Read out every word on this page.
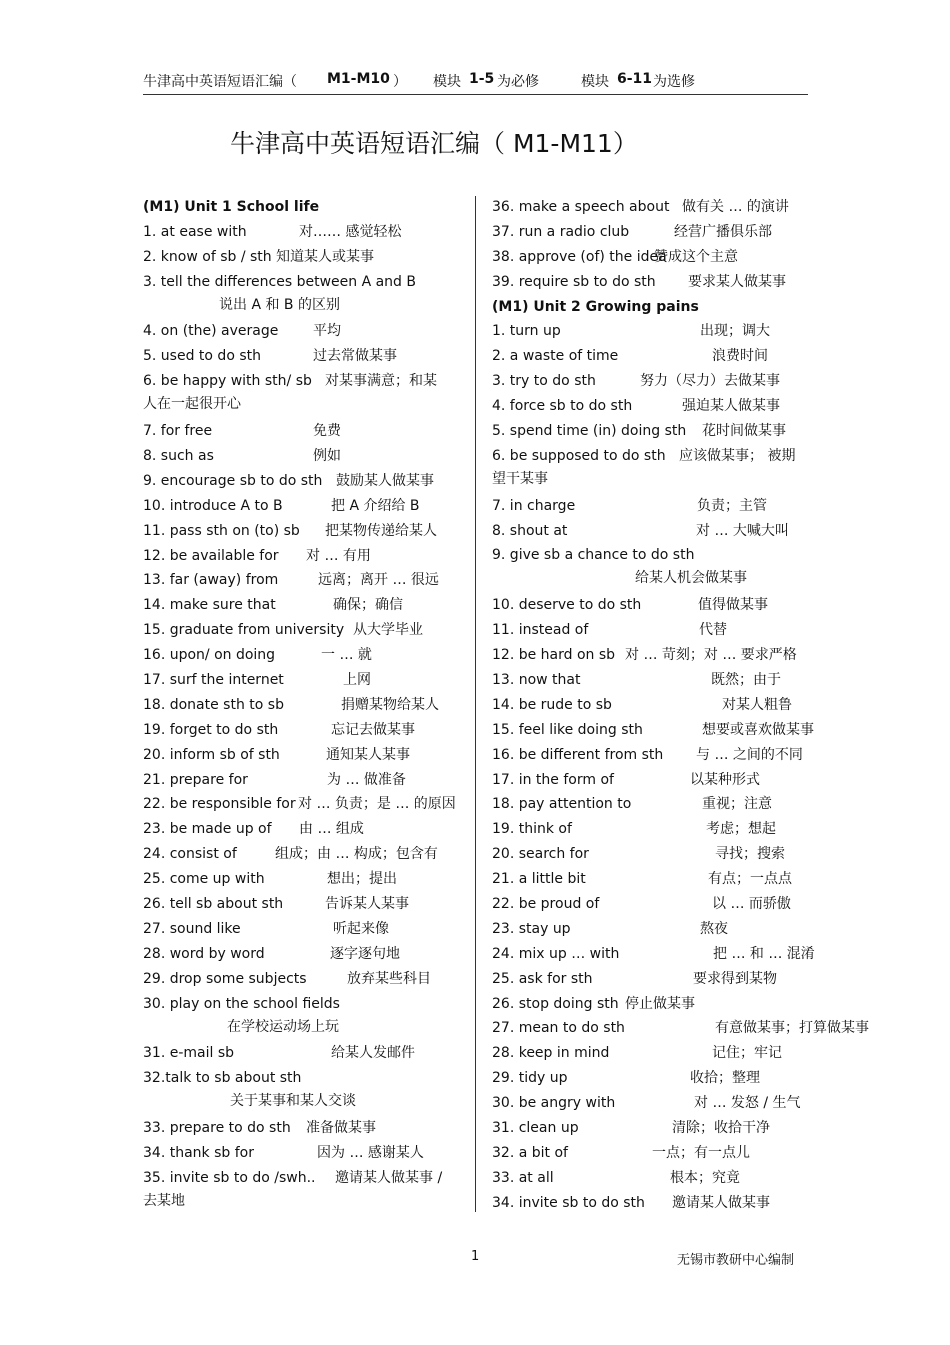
牛津高中英语短语汇编（ M1-M10 ） 模块 1-5 为必修	模块 6-11 为选修
牛津高中英语短语汇编（ M1-M11）
(M1) Unit 1 School life
1. at ease with	对…… 感觉轻松
2. know of sb / sth 知道某人或某事
3. tell the differences between A and B
说出 A 和 B 的区别
4. on (the) average 平均
5. used to do sth	过去常做某事
6. be happy with sth/ sb 对某事满意；和某
人在一起很开心
7. for free	免费
8. such as	例如
9. encourage sb to do sth 鼓励某人做某事
10. introduce A to B	把 A 介绍给 B
11. pass sth on (to) sb 把某物传递给某人
12. be available for 对 … 有用
13. far (away) from	远离；离开 … 很远
14. make sure that	确保；确信
15. graduate from university 从大学毕业
16. upon/ on doing	一 … 就
17. surf the internet	上网
18. donate sth to sb	捐赠某物给某人
19. forget to do sth	忘记去做某事
20. inform sb of sth	通知某人某事
21. prepare for	为 … 做准备
22. be responsible for 对 … 负责；是 … 的原因
23. be made up of 由 … 组成
24. consist of	组成；由 … 构成；包含有
25. come up with	想出；提出
26. tell sb about sth	告诉某人某事
27. sound like	听起来像
28. word by word	逐字逐句地
29. drop some subjects	放弃某些科目
30. play on the school fields
在学校运动场上玩
31. e-mail sb	给某人发邮件
32.talk to sb about sth
关于某事和某人交谈
33. prepare to do sth 准备做某事
34. thank sb for	因为 … 感谢某人
35. invite sb to do /swh.. 邀请某人做某事 /
去某地
36. make a speech about 做有关 … 的演讲
37. run a radio club	经营广播俱乐部
38. approve (of) the idea
赞成这个主意
39. require sb to do sth 要求某人做某事
(M1) Unit 2 Growing pains
1. turn up	出现；调大
2. a waste of time	浪费时间
3. try to do sth	努力（尽力）去做某事
4. force sb to do sth	强迫某人做某事
5. spend time (in) doing sth 花时间做某事
6. be supposed to do sth 应该做某事； 被期
望干某事
7. in charge	负责；主管
8. shout at	对 … 大喊大叫
9. give sb a chance to do sth
给某人机会做某事
10. deserve to do sth	值得做某事
11. instead of	代替
12. be hard on sb 对 … 苛刻；对 … 要求严格
13. now that	既然；由于
14. be rude to sb	对某人粗鲁
15. feel like doing sth	想要或喜欢做某事
16. be different from sth 与 … 之间的不同
17. in the form of	以某种形式
18. pay attention to	重视；注意
19. think of	考虑；想起
20. search for	寻找；搜索
21. a little bit	有点；一点点
22. be proud of	以 … 而骄傲
23. stay up	熬夜
24. mix up … with	把 … 和 … 混淆
25. ask for sth	要求得到某物
26. stop doing sth 停止做某事
27. mean to do sth	有意做某事；打算做某事
28. keep in mind	记住；牢记
29. tidy up	收拾；整理
30. be angry with	对 … 发怒 / 生气
31. clean up	清除；收拾干净
32. a bit of	一点；有一点儿
33. at all	根本；究竟
34. invite sb to do sth 邀请某人做某事
1	无锡市教研中心编制
